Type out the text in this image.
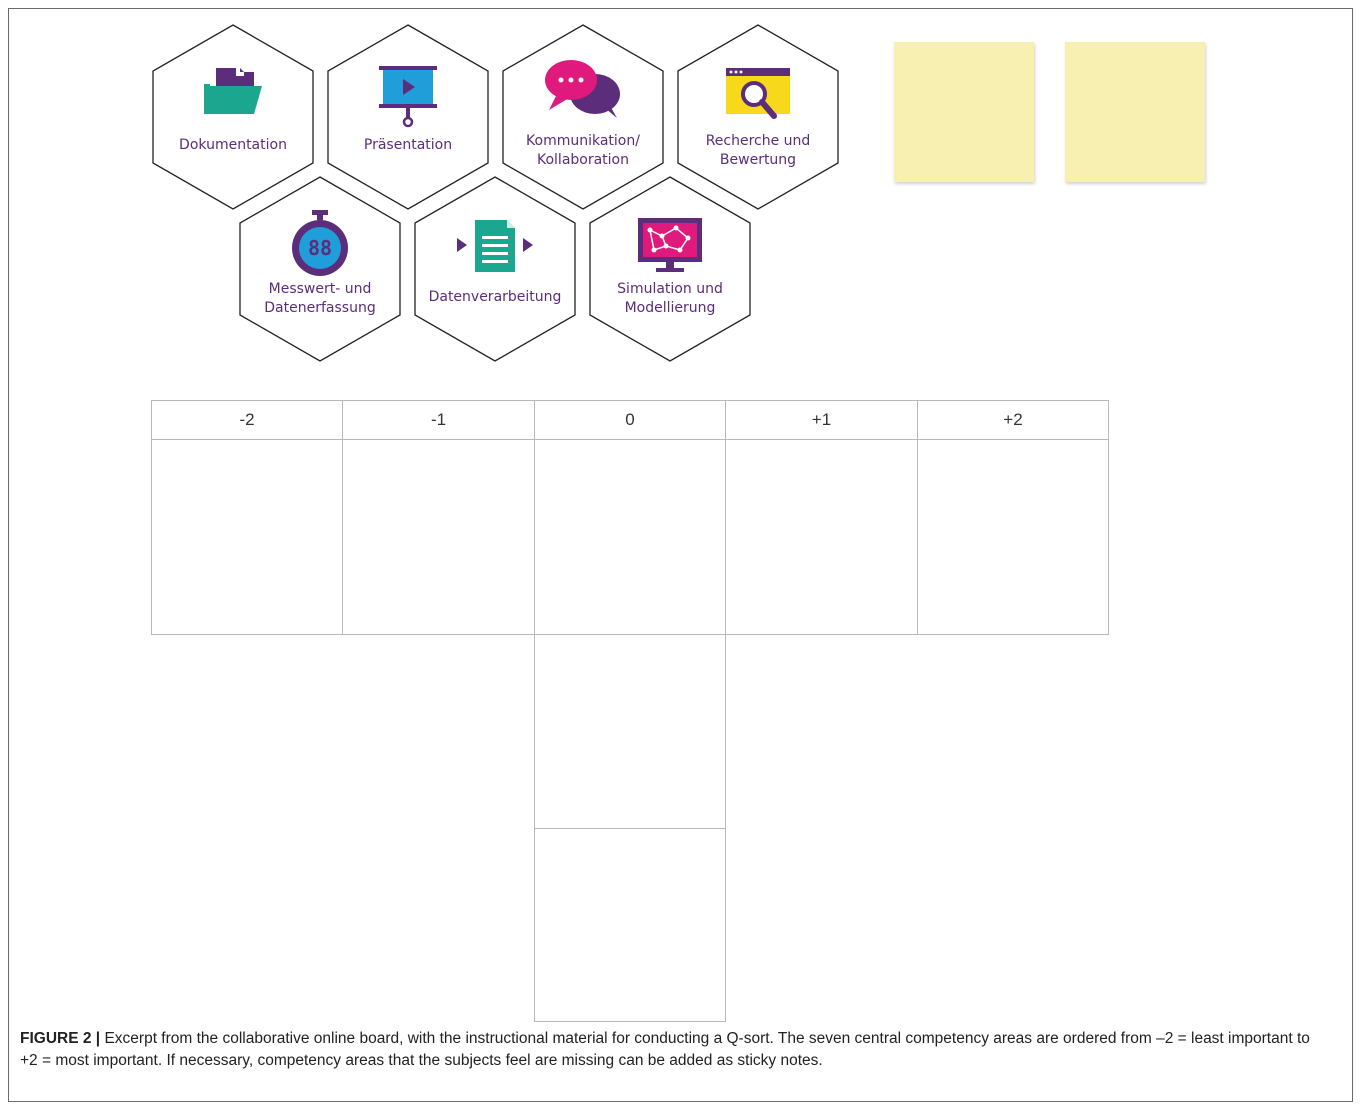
Dokumentation	Präsentation	Kommunikation/
Kollaboration
Recherche und
Bewertung
88
Messwert- und
Datenerfassung
Datenverarbeitung	Simulation und
Modellierung
-2	-1	0	+1	+2
FIGURE 2 | Excerpt from the collaborative online board, with the instructional material for conducting a Q-sort. The seven central competency areas are ordered from –2 = least important to +2 = most important. If necessary, competency areas that the subjects feel are missing can be added as sticky notes.
